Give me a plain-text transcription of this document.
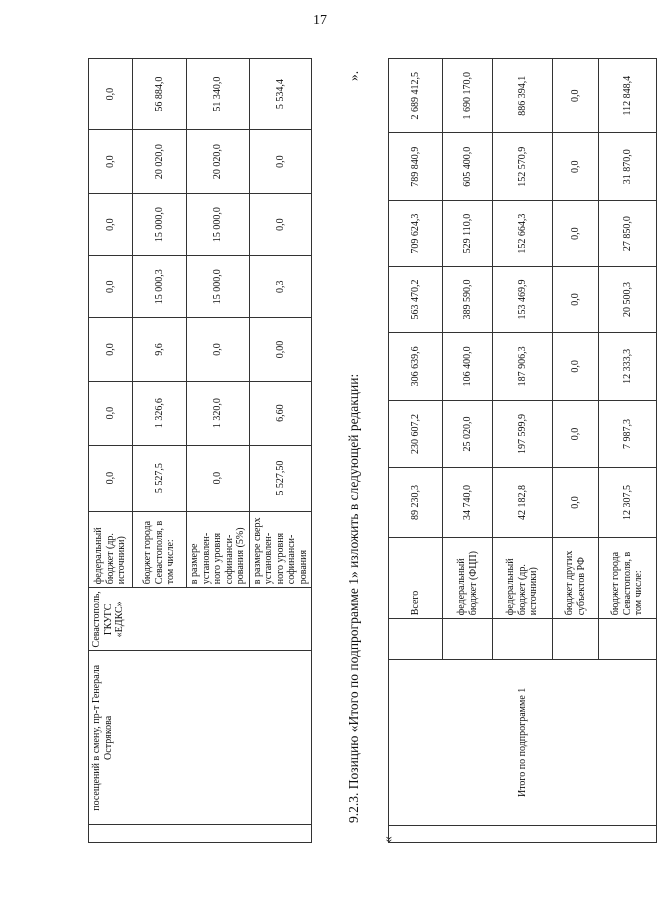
17
	посещений в смену, пр-т Генерала Острякова	Севастополь, ГКУГС «ЕДКС»	федеральный бюджет (др. источники)	0,0	0,0	0,0	0,0	0,0	0,0	0,0
			бюджет города Севастополя, в том числе:	5 527,5	1 326,6	9,6	15 000,3	15 000,0	20 020,0	56 884,0
			в размере установлен-ного уровня софинанси-рования (5%)	0,0	1 320,0	0,0	15 000,0	15 000,0	20 020,0	51 340,0
			в размере сверх установлен-ного уровня софинанси-рования	5 527,50	6,60	0,00	0,3	0,0	0,0	5 534,4
9.2.3. Позицию «Итого по подпрограмме 1» изложить в следующей редакции:
».
«
	Итого по подпрограмме 1		Всего	89 230,3	230 607,2	306 639,6	563 470,2	709 624,3	789 840,9	2 689 412,5
			федеральный бюджет (ФЦП)	34 740,0	25 020,0	106 400,0	389 590,0	529 110,0	605 400,0	1 690 170,0
			федеральный бюджет (др. источники)	42 182,8	197 599,9	187 906,3	153 469,9	152 664,3	152 570,9	886 394,1
			бюджет других субъектов РФ	0,0	0,0	0,0	0,0	0,0	0,0	0,0
			бюджет города Севастополя, в том числе:	12 307,5	7 987,3	12 333,3	20 500,3	27 850,0	31 870,0	112 848,4
